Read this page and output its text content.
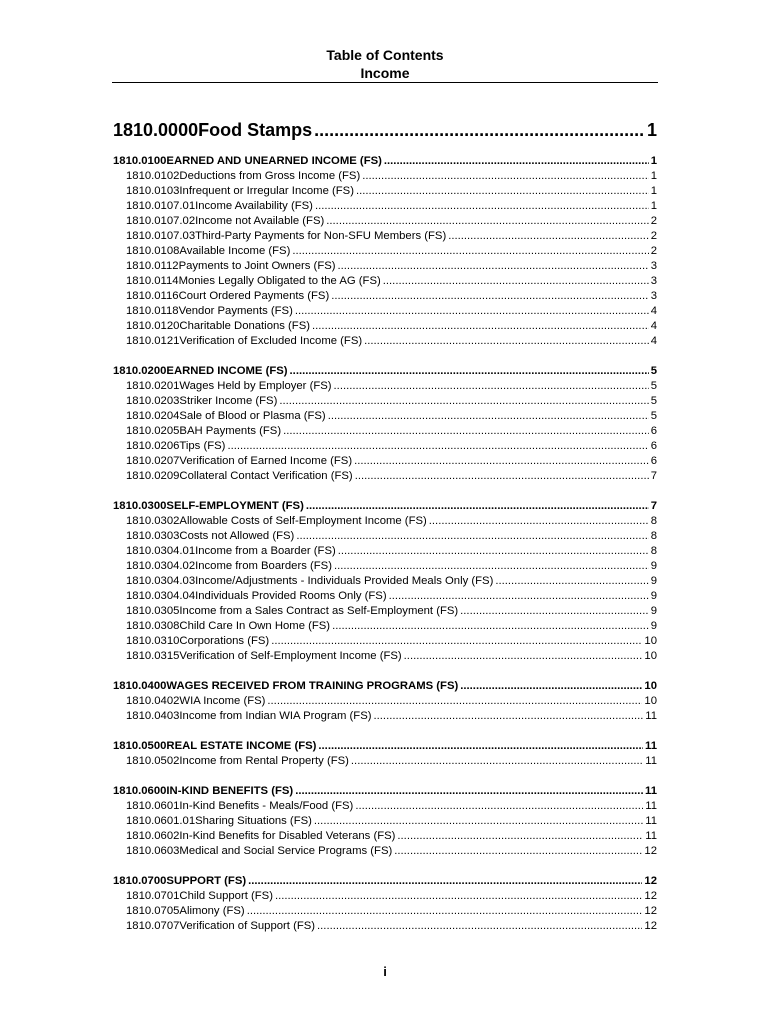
Table of Contents
Income
1810.0000 Food Stamps .....	1
1810.0100 EARNED AND UNEARNED INCOME (FS) .....	1
1810.0102 Deductions from Gross Income (FS) .....	1
1810.0103 Infrequent or Irregular Income (FS) .....	1
1810.0107.01 Income Availability (FS) .....	1
1810.0107.02 Income not Available (FS) .....	2
1810.0107.03 Third-Party Payments for Non-SFU Members (FS) .....	2
1810.0108 Available Income (FS) .....	2
1810.0112 Payments to Joint Owners (FS) .....	3
1810.0114 Monies Legally Obligated to the AG (FS) .....	3
1810.0116 Court Ordered Payments (FS) .....	3
1810.0118 Vendor Payments (FS) .....	4
1810.0120 Charitable Donations (FS) .....	4
1810.0121 Verification of Excluded Income (FS) .....	4
1810.0200 EARNED INCOME (FS) .....	5
1810.0201 Wages Held by Employer (FS) .....	5
1810.0203 Striker Income (FS) .....	5
1810.0204 Sale of Blood or Plasma (FS) .....	5
1810.0205 BAH Payments (FS) .....	6
1810.0206 Tips (FS) .....	6
1810.0207 Verification of Earned Income (FS) .....	6
1810.0209 Collateral Contact Verification (FS) .....	7
1810.0300 SELF-EMPLOYMENT (FS) .....	7
1810.0302 Allowable Costs of Self-Employment Income (FS) .....	8
1810.0303 Costs not Allowed (FS) .....	8
1810.0304.01 Income from a Boarder (FS) .....	8
1810.0304.02 Income from Boarders (FS) .....	9
1810.0304.03 Income/Adjustments - Individuals Provided Meals Only (FS) .....	9
1810.0304.04 Individuals Provided Rooms Only (FS) .....	9
1810.0305 Income from a Sales Contract as Self-Employment (FS) .....	9
1810.0308 Child Care In Own Home (FS) .....	9
1810.0310 Corporations (FS) .....	10
1810.0315 Verification of Self-Employment Income (FS) .....	10
1810.0400 WAGES RECEIVED FROM TRAINING PROGRAMS (FS) .....	10
1810.0402 WIA Income (FS) .....	10
1810.0403 Income from Indian WIA Program (FS) .....	11
1810.0500 REAL ESTATE INCOME (FS) .....	11
1810.0502 Income from Rental Property (FS) .....	11
1810.0600 IN-KIND BENEFITS (FS) .....	11
1810.0601 In-Kind Benefits - Meals/Food (FS) .....	11
1810.0601.01 Sharing Situations (FS) .....	11
1810.0602 In-Kind Benefits for Disabled Veterans (FS) .....	11
1810.0603 Medical and Social Service Programs (FS) .....	12
1810.0700 SUPPORT (FS) .....	12
1810.0701 Child Support (FS) .....	12
1810.0705 Alimony (FS) .....	12
1810.0707 Verification of Support (FS) .....	12
i
